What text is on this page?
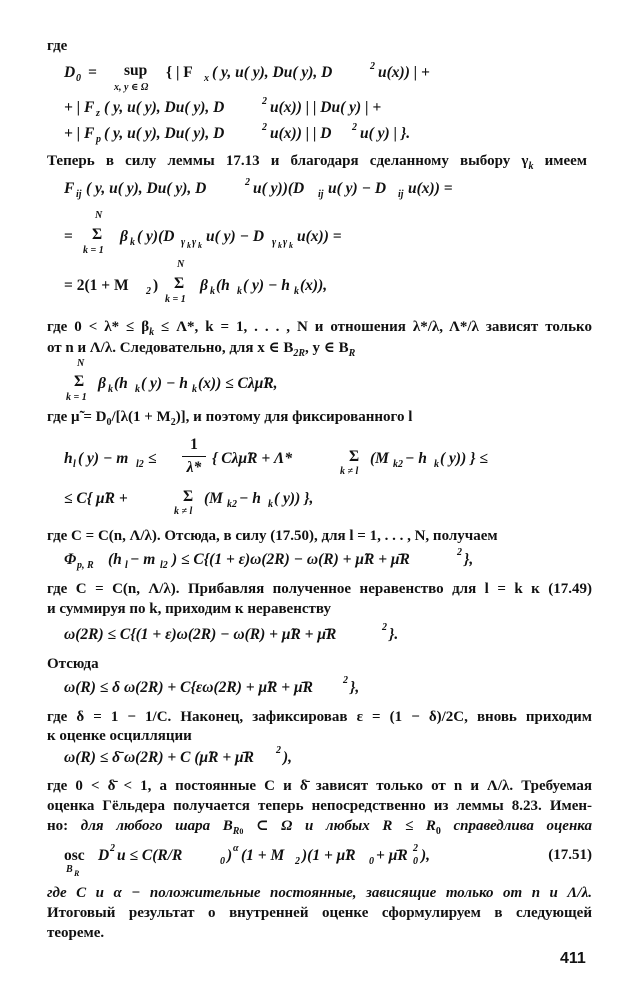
где
D 0 = sup
x, y ∈ Ω
{ | F x ( y, u( y), Du( y), D	2 u(x)) | +
+ | F z ( y, u( y), Du( y), D	2 u(x)) | | Du( y) | +
+ | F p ( y, u( y), Du( y), D	2 u(x)) | | D 2 u( y) | }.
Теперь в силу леммы 17.13 и благодаря сделанному выбору $\gamma_k$ имеем
F ij ( y, u( y), Du( y), D	2 u( y))(D ij u( y) − D ij u(x)) =
=
N
Σ
k = 1
β k ( y)(D γ k γ k
u( y) − D γ k γ k
u(x)) =
= 2(1 + M 2 )
N
Σ
k = 1
β k (h k ( y) − h k (x)),
где $0 < \lambda* \le \beta_k \le \Lambda*$, k = 1, . . . , N и отношения λ*/λ, Λ*/λ зависят только
от n и Λ/λ. Следовательно, для x ∈ $B_{2R}$, y ∈ $B_R$
N
Σ
k = 1
β k (h k ( y) − h k (x)) ≤ Cλμ̃R,
где μ̃ = $D_0/[\lambda(1 + M_2)]$, и поэтому для фиксированного l
h l ( y) − m l2 ≤
1
λ*
{ Cλμ̃R + Λ*	Σ
k ≠ l
(M k2 − h k ( y)) } ≤
≤ C{ μ̃R +	Σ
k ≠ l
(M k2 − h k ( y)) },
где C = C(n, Λ/λ). Отсюда, в силу (17.50), для l = 1, . . . , N, получаем
Φ p, R (h l − m l2 ) ≤ C{(1 + ε)ω(2R) − ω(R) + μ̃R + μ̄R	2 },
где C = C(n, Λ/λ). Прибавляя полученное неравенство для l = k к (17.49)
и суммируя по k, приходим к неравенству
ω(2R) ≤ C{(1 + ε)ω(2R) − ω(R) + μ̃R + μ̄R	2 }.
Отсюда
ω(R) ≤ δ ω(2R) + C{εω(2R) + μ̃R + μ̄R	2 },
где δ = 1 − 1/C. Наконец, зафиксировав ε = (1 − δ)/2C, вновь приходим
к оценке осцилляции
ω(R) ≤ δ̄ ω(2R) + C (μ̃R + μ̄R 2 ),
где 0 < δ̄ < 1, а постоянные C и δ̄ зависят только от n и Λ/λ. Требуемая
оценка Гёльдера получается теперь непосредственно из леммы 8.23. Имен-
но: для любого шара $B_{R0}$ ⊂ Ω и любых $R \le R_0$ справедлива оценка
osc
B R
D 2 u ≤ C(R/R	0 ) α (1 + M 2 )(1 + μ̃R 0 + μ̄R 2
0 ),	(17.51)
где C и α − положительные постоянные, зависящие только от n и Λ/λ.
Итоговый результат о внутренней оценке сформулируем в следующей
теореме.
411
